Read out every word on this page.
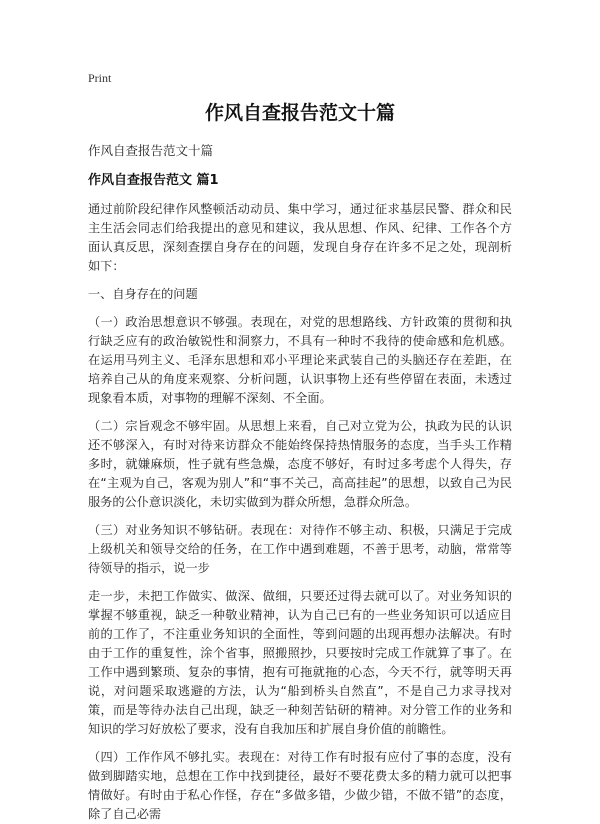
Print
作风自查报告范文十篇
作风自查报告范文十篇
作风自查报告范文 篇1

通过前阶段纪律作风整顿活动动员、集中学习，通过征求基层民警、群众和民主生活会同志们给我提出的意见和建议，我从思想、作风、纪律、工作各个方面认真反思，深刻查摆自身存在的问题，发现自身存在许多不足之处，现剖析如下：

一、自身存在的问题

（一）政治思想意识不够强。表现在，对党的思想路线、方针政策的贯彻和执行缺乏应有的政治敏锐性和洞察力，不具有一种时不我待的使命感和危机感。在运用马列主义、毛泽东思想和邓小平理论来武装自己的头脑还存在差距，在培养自己从的角度来观察、分析问题，认识事物上还有些停留在表面，未透过现象看本质，对事物的理解不深刻、不全面。

（二）宗旨观念不够牢固。从思想上来看，自己对立党为公，执政为民的认识还不够深入，有时对待来访群众不能始终保持热情服务的态度，当手头工作精多时，就嫌麻烦，性子就有些急燥，态度不够好，有时过多考虑个人得失，存在“主观为自己，客观为别人”和“事不关己，高高挂起”的思想，以致自己为民服务的公仆意识淡化，未切实做到为群众所想，急群众所急。

（三）对业务知识不够钻研。表现在：对待作不够主动、积极，只满足于完成上级机关和领导交给的任务，在工作中遇到难题，不善于思考，动脑，常常等待领导的指示，说一步

走一步，未把工作做实、做深、做细，只要还过得去就可以了。对业务知识的掌握不够重视，缺乏一种敬业精神，认为自己已有的一些业务知识可以适应目前的工作了，不注重业务知识的全面性，等到问题的出现再想办法解决。有时由于工作的重复性，涂个省事，照搬照抄，只要按时完成工作就算了事了。在工作中遇到繁琐、复杂的事情，抱有可拖就拖的心态，今天不行，就等明天再说，对问题采取逃避的方法，认为“船到桥头自然直”，不是自己力求寻找对策，而是等待办法自己出现，缺乏一种刻苦钻研的精神。对分管工作的业务和知识的学习好放松了要求，没有自我加压和扩展自身价值的前瞻性。

（四）工作作风不够扎实。表现在：对待工作有时报有应付了事的态度，没有做到脚踏实地，总想在工作中找到捷径，最好不要花费太多的精力就可以把事情做好。有时由于私心作怪，存在“多做多错，少做少错，不做不错”的态度，除了自己必需
